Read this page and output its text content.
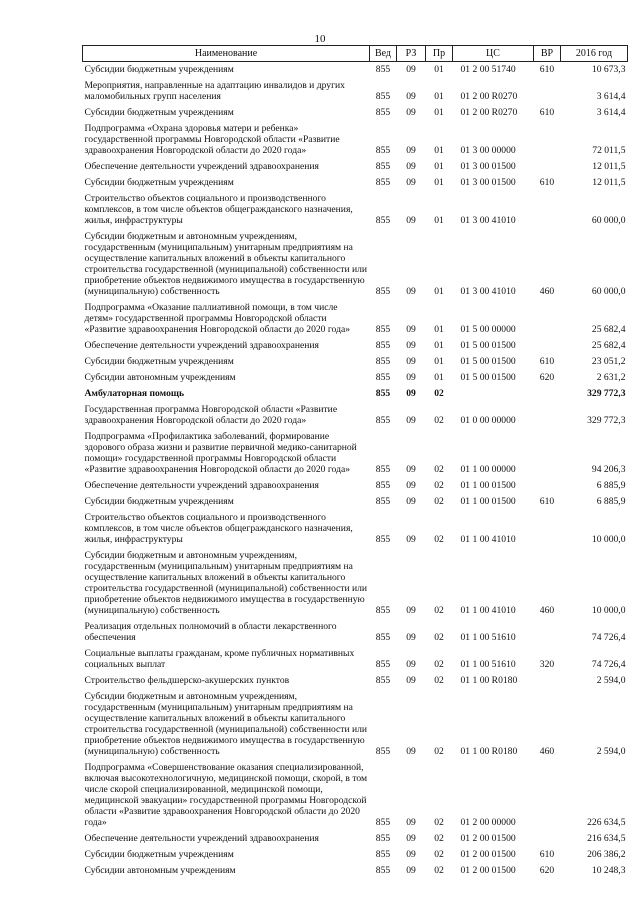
10
Наименование	Вед	РЗ	Пр	ЦС	ВР	2016 год
Субсидии бюджетным учреждениям	855	09	01	01 2 00 51740	610	10 673,3
Мероприятия, направленные на адаптацию инвалидов и других маломобильных групп населения	855	09	01	01 2 00 R0270		3 614,4
Субсидии бюджетным учреждениям	855	09	01	01 2 00 R0270	610	3 614,4
Подпрограмма «Охрана здоровья матери и ребенка» государственной программы Новгородской области «Развитие здравоохранения Новгородской области до 2020 года»	855	09	01	01 3 00 00000		72 011,5
Обеспечение деятельности учреждений здравоохранения	855	09	01	01 3 00 01500		12 011,5
Субсидии бюджетным учреждениям	855	09	01	01 3 00 01500	610	12 011,5
Строительство объектов социального и производственного комплексов, в том числе объектов общегражданского назначения, жилья, инфраструктуры	855	09	01	01 3 00 41010		60 000,0
Субсидии бюджетным и автономным учреждениям, государственным (муниципальным) унитарным предприятиям на осуществление капитальных вложений в объекты капитального строительства государственной (муниципальной) собственности или приобретение объектов недвижимого имущества в государственную (муниципальную) собственность	855	09	01	01 3 00 41010	460	60 000,0
Подпрограмма «Оказание паллиативной помощи, в том числе детям» государственной программы Новгородской области «Развитие здравоохранения Новгородской области до 2020 года»	855	09	01	01 5 00 00000		25 682,4
Обеспечение деятельности учреждений здравоохранения	855	09	01	01 5 00 01500		25 682,4
Субсидии бюджетным учреждениям	855	09	01	01 5 00 01500	610	23 051,2
Субсидии автономным учреждениям	855	09	01	01 5 00 01500	620	2 631,2
Амбулаторная помощь	855	09	02			329 772,3
Государственная программа Новгородской области «Развитие здравоохранения Новгородской области до 2020 года»	855	09	02	01 0 00 00000		329 772,3
Подпрограмма «Профилактика заболеваний, формирование здорового образа жизни и развитие первичной медико-санитарной помощи» государственной программы Новгородской области «Развитие здравоохранения Новгородской области до 2020 года»	855	09	02	01 1 00 00000		94 206,3
Обеспечение деятельности учреждений здравоохранения	855	09	02	01 1 00 01500		6 885,9
Субсидии бюджетным учреждениям	855	09	02	01 1 00 01500	610	6 885,9
Строительство объектов социального и производственного комплексов, в том числе объектов общегражданского назначения, жилья, инфраструктуры	855	09	02	01 1 00 41010		10 000,0
Субсидии бюджетным и автономным учреждениям, государственным (муниципальным) унитарным предприятиям на осуществление капитальных вложений в объекты капитального строительства государственной (муниципальной) собственности или приобретение объектов недвижимого имущества в государственную (муниципальную) собственность	855	09	02	01 1 00 41010	460	10 000,0
Реализация отдельных полномочий в области лекарственного обеспечения	855	09	02	01 1 00 51610		74 726,4
Социальные выплаты гражданам, кроме публичных нормативных социальных выплат	855	09	02	01 1 00 51610	320	74 726,4
Строительство фельдшерско-акушерских пунктов	855	09	02	01 1 00 R0180		2 594,0
Субсидии бюджетным и автономным учреждениям, государственным (муниципальным) унитарным предприятиям на осуществление капитальных вложений в объекты капитального строительства государственной (муниципальной) собственности или приобретение объектов недвижимого имущества в государственную (муниципальную) собственность	855	09	02	01 1 00 R0180	460	2 594,0
Подпрограмма «Совершенствование оказания специализированной, включая высокотехнологичную, медицинской помощи, скорой, в том числе скорой специализированной, медицинской помощи, медицинской эвакуации» государственной программы Новгородской области «Развитие здравоохранения Новгородской области до 2020 года»	855	09	02	01 2 00 00000		226 634,5
Обеспечение деятельности учреждений здравоохранения	855	09	02	01 2 00 01500		216 634,5
Субсидии бюджетным учреждениям	855	09	02	01 2 00 01500	610	206 386,2
Субсидии автономным учреждениям	855	09	02	01 2 00 01500	620	10 248,3
